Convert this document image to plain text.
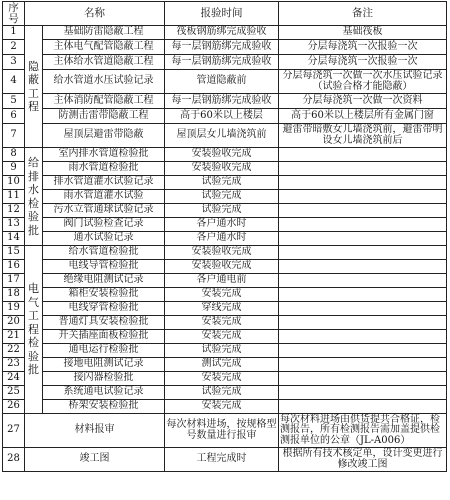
序号	名称		报验时间	备注
1	隐蔽工程	基础防雷隐蔽工程	筏板钢筋绑完成验收	基础筏板
2		主体电气配管隐蔽工程	每一层钢筋绑完成验收	分层每浇筑一次报验一次
3		主体给水管道隐蔽工程	每一层钢筋绑完成验收	分层每浇筑一次报验一次
4		给水管道水压试验记录	管道隐蔽前	分层每浇筑一次做一次水压试验记录（试验合格才能隐蔽）
5		主体消防配管隐蔽工程	每一层钢筋绑完成验收	分层每浇筑一次做一次资料
6		防测击雷带隐蔽工程	高于60米以上楼层	高于60米以上楼层所有金属门窗
7		屋顶层避雷带隐蔽	屋顶层女儿墙浇筑前	避雷带暗敷女儿墙浇筑前，避雷带明设女儿墙浇筑前后
8	给排水检验批	室内排水管道检验批	安装验收完成	
9		雨水管道检验批	安装验收完成	
10		排水管道灌水试验记录	试验完成	
11		雨水管道灌水试验	试验完成	
12		污水立管通球试验记录	试验完成	
13		阀门试验检查记录	各户通水时	
14		通水试验记录	各户通水时	
15	电气工程检验批	给水管道检验批	安装验收完成	
16		电线导管检验批	安装验收完成	
17		绝缘电阻测试记录	各户通电前	
18		箱柜安装检验批	安装完成	
19		电线穿管检验批	穿线完成	
20		普通灯具安装检验批	安装完成	
21		开关插座面板检验批	安装完成	
22		通电运行检验批	试验完成	
23		接地电阻测试记录	测试完成	
24		接闪器检验批	安装完成	
25		系统通电试验记录	试验完成	
26		桥架安装检验批	安装完成	
27	材料报审		每次材料进场，按规格型号数量进行报审	每次材料进场由供货提共合格证，检测报告，所有检测报告需加盖提供检测报单位的公章（JL-A006）
28	竣工图		工程完成时	根据所有技术核定单，设计变更进行修改竣工图
